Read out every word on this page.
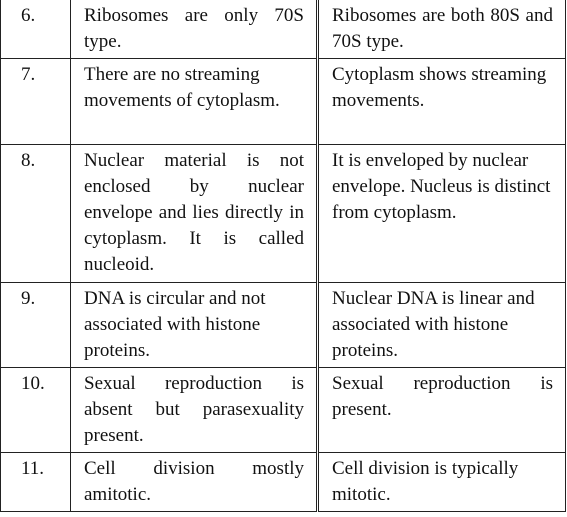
6.	Ribosomes are only 70S type.	Ribosomes are both 80S and 70S type.
7.	There are no streaming movements of cytoplasm.	Cytoplasm shows streaming movements.
8.	Nuclear material is not enclosed by nuclear envelope and lies directly in cytoplasm. It is called nucleoid.	It is enveloped by nuclear envelope. Nucleus is distinct from cytoplasm.
9.	DNA is circular and not associated with histone proteins.	Nuclear DNA is linear and associated with histone proteins.
10.	Sexual reproduction is absent but parasexuality present.	Sexual reproduction is present.
11.	Cell division mostly amitotic.	Cell division is typically mitotic.
